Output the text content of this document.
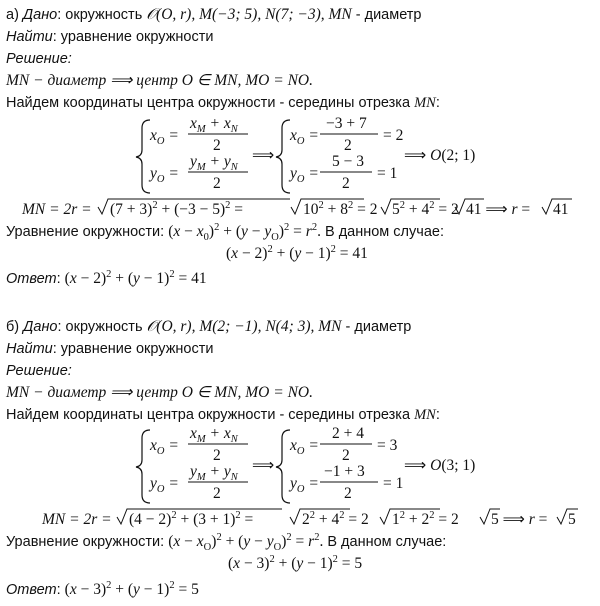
а) Дано: окружность 𝒪(O, r), M(−3; 5), N(7; −3), MN - диаметр
Найти: уравнение окружности
Решение:
MN − диаметр ⟹ центр O ∈ MN, MO = NO.
Найдем координаты центра окружности - середины отрезка MN:
$x_O$ =
$x_M + x_N$
2
$y_O$ =
$y_M + y_N$
2
⟹
$x_O$ =
−3 + 7
2
= 2
$y_O$ =
5 − 3
2
= 1
⟹ O(2; 1)
MN = $2r = (7 + 3)^2 + (-3 - 5)^2$ =	$10^2 + 8^2 = 2$ $5^2 + 4^2 = 2$ 41 ⟹ r = 41
Уравнение окружности: $(x - x_0)^2 + (y - y_O)^2 = r^2$. В данном случае:
$(x - 2)^2 + (y - 1)^2 = 41$
Ответ: $(x - 2)^2 + (y - 1)^2 = 41$
$x_O$ =
$x_M + x_N$
2
$y_O$ =
$y_M + y_N$
2
⟹
$x_O$ =
2 + 4
2
= 3
$y_O$ =
−1 + 3
2
= 1
⟹ O(3; 1)
MN = $2r = (4 - 2)^2 + (3 + 1)^2$ =	$2^2 + 4^2 = 2$ $1^2 + 2^2 = 2$ 5 ⟹ r = 5
Уравнение окружности: $(x - x_O)^2 + (y - y_O)^2 = r^2$. В данном случае:
$(x - 3)^2 + (y - 1)^2 = 5$
Ответ: $(x - 3)^2 + (y - 1)^2 = 5$
б) Дано: окружность 𝒪(O, r), M(2; −1), N(4; 3), MN - диаметр
Найти: уравнение окружности
Решение:
MN − диаметр ⟹ центр O ∈ MN, MO = NO.
Найдем координаты центра окружности - середины отрезка MN:
